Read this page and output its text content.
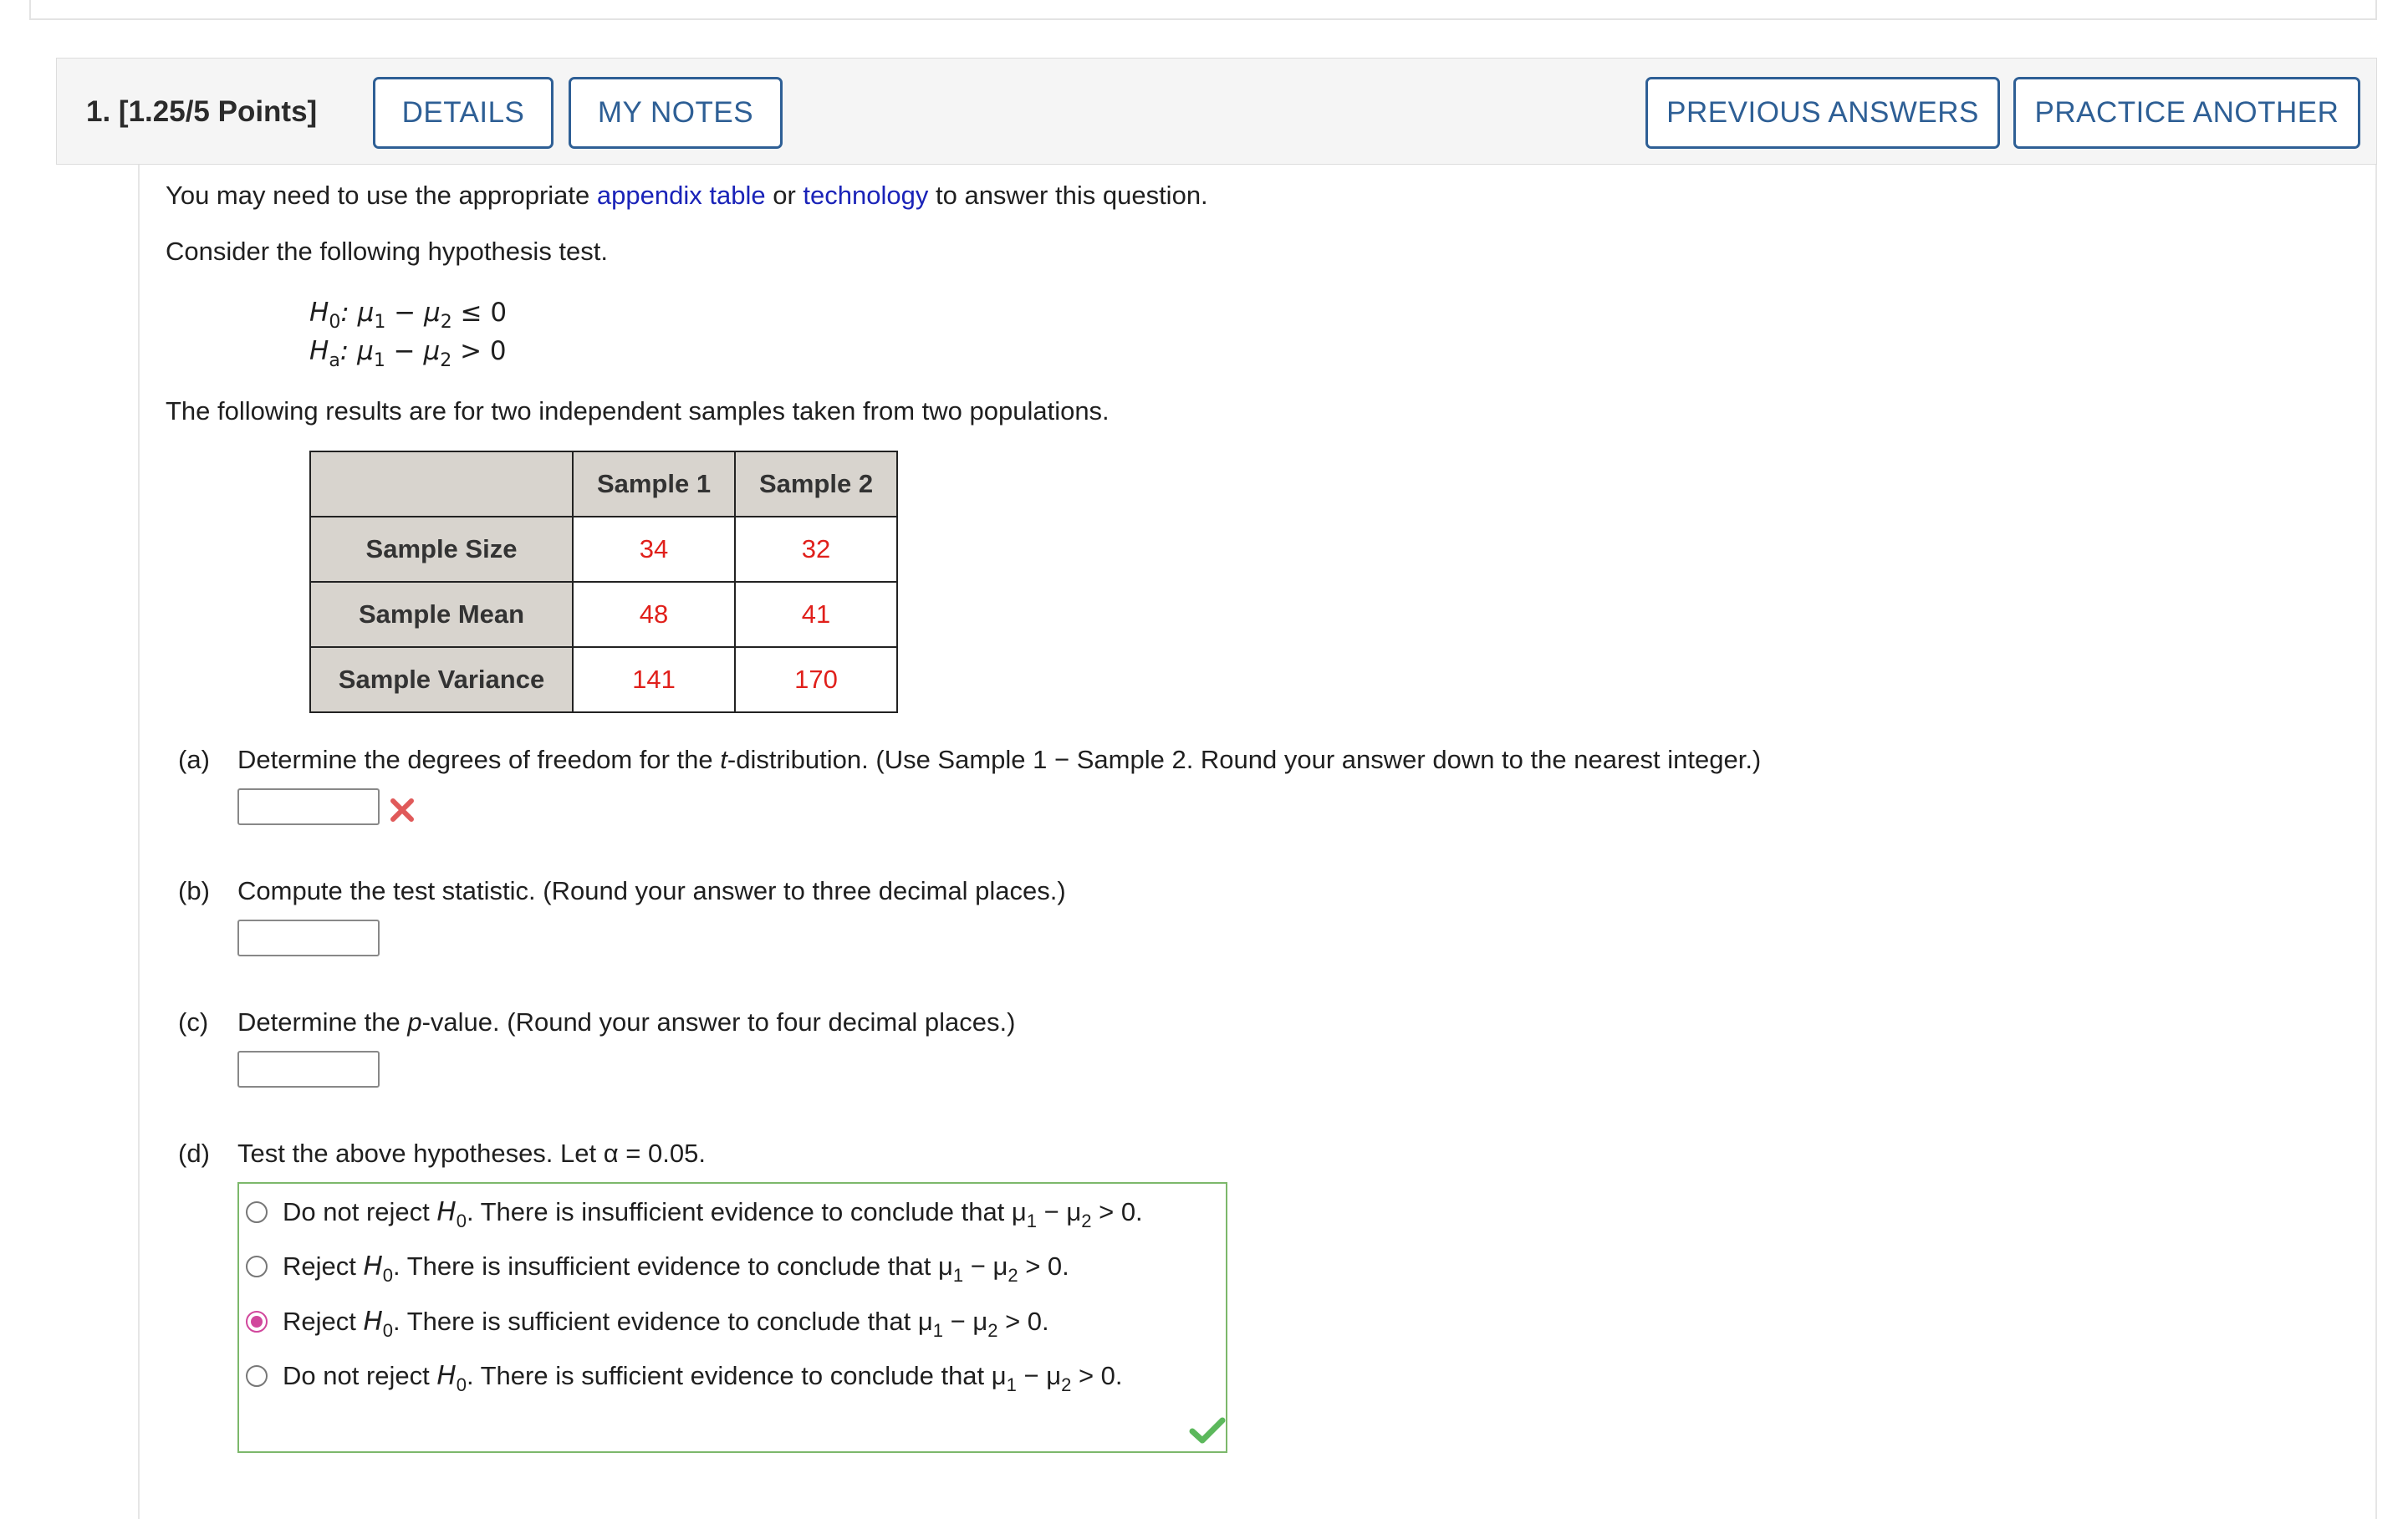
1. [1.25/5 Points]	DETAILS	MY NOTES	PREVIOUS ANSWERS	PRACTICE ANOTHER
You may need to use the appropriate appendix table or technology to answer this question.
Consider the following hypothesis test.
$H_0$: $\mu_1 - \mu_2 \le 0$
$H_a$: $\mu_1 - \mu_2 > 0$
The following results are for two independent samples taken from two populations.
	Sample 1	Sample 2
Sample Size	34	32
Sample Mean	48	41
Sample Variance	141	170
(a) Determine the degrees of freedom for the t-distribution. (Use Sample 1 − Sample 2. Round your answer down to the nearest integer.)
(b) Compute the test statistic. (Round your answer to three decimal places.)
(c) Determine the p-value. (Round your answer to four decimal places.)
(d) Test the above hypotheses. Let α = 0.05.
Do not reject $H_0$. There is insufficient evidence to conclude that $\mu_1 - \mu_2 > 0$.
Reject $H_0$. There is insufficient evidence to conclude that $\mu_1 - \mu_2 > 0$.
Reject $H_0$. There is sufficient evidence to conclude that $\mu_1 - \mu_2 > 0$.
Do not reject $H_0$. There is sufficient evidence to conclude that $\mu_1 - \mu_2 > 0$.
